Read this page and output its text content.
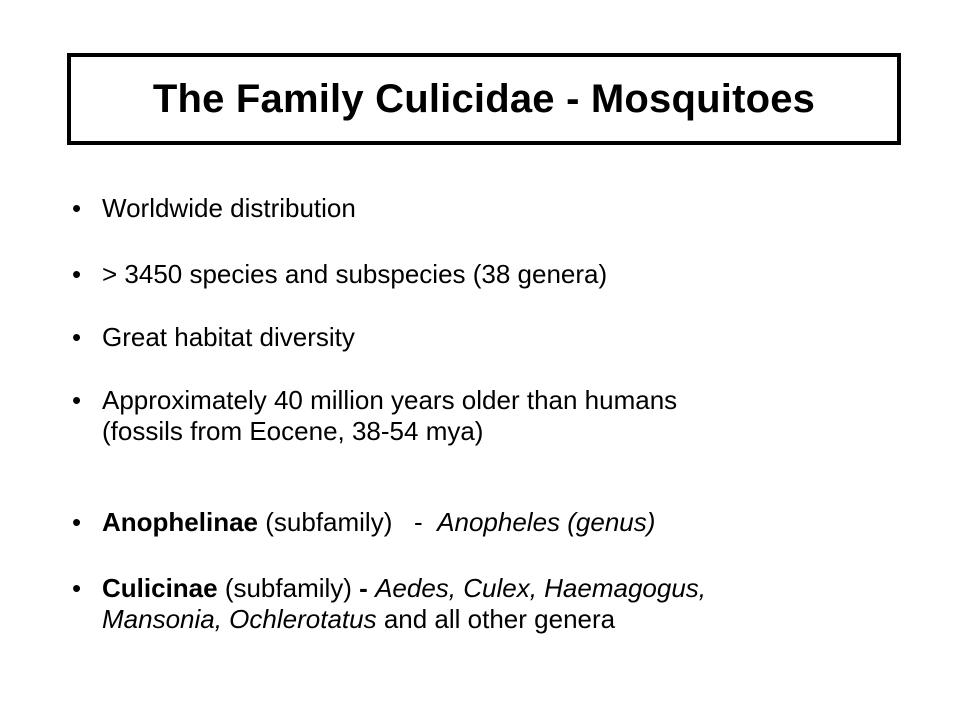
The Family Culicidae - Mosquitoes
• Worldwide distribution
• > 3450 species and subspecies (38 genera)
• Great habitat diversity
• Approximately 40 million years older than humans
(fossils from Eocene, 38-54 mya)
• Anophelinae (subfamily)   -  Anopheles (genus)
• Culicinae (subfamily) - Aedes, Culex, Haemagogus,
Mansonia, Ochlerotatus and all other genera
